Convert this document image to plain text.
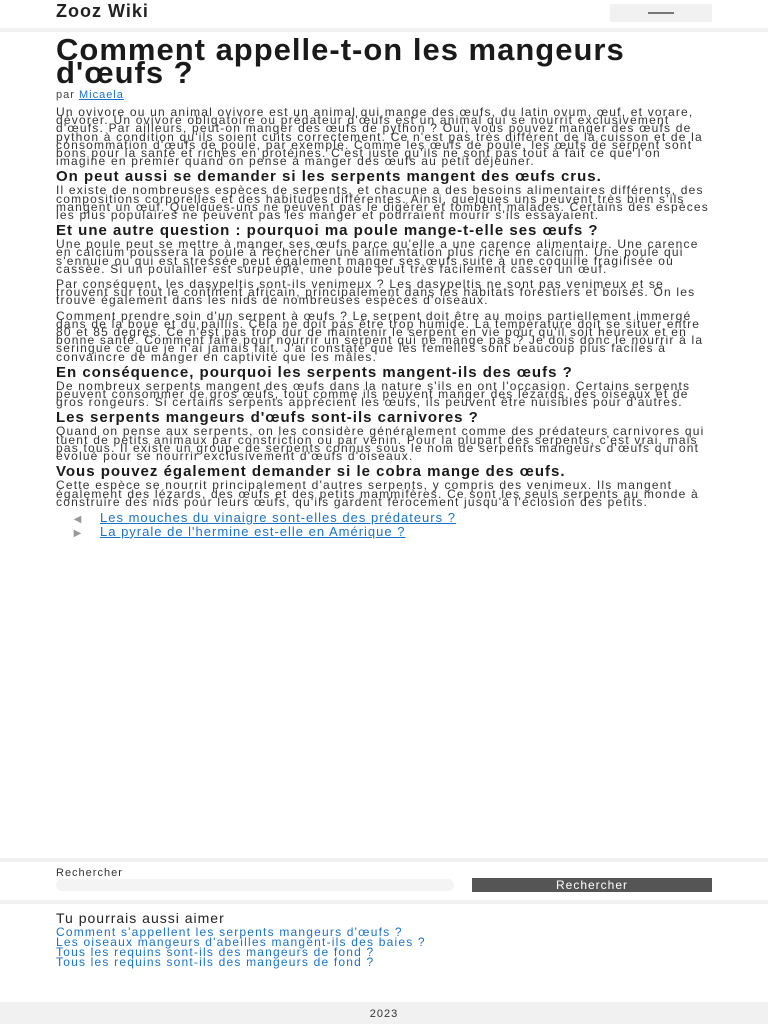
Zooz Wiki
Comment appelle-t-on les mangeurs d'œufs ?
par Micaela

Un ovivore ou un animal ovivore est un animal qui mange des œufs, du latin ovum, œuf, et vorare, dévorer. Un ovivore obligatoire ou prédateur d'œufs est un animal qui se nourrit exclusivement d'œufs. Par ailleurs, peut-on manger des œufs de python ? Oui, vous pouvez manger des œufs de python à condition qu'ils soient cuits correctement. Ce n'est pas très différent de la cuisson et de la consommation d'œufs de poule, par exemple. Comme les œufs de poule, les œufs de serpent sont bons pour la santé et riches en protéines. C'est juste qu'ils ne sont pas tout à fait ce que l'on imagine en premier quand on pense à manger des œufs au petit déjeuner.

On peut aussi se demander si les serpents mangent des œufs crus.

Il existe de nombreuses espèces de serpents, et chacune a des besoins alimentaires différents, des compositions corporelles et des habitudes différentes. Ainsi, quelques uns peuvent très bien s'ils mangent un œuf. Quelques-uns ne peuvent pas le digérer et tombent malades. Certains des espèces les plus populaires ne peuvent pas les manger et pourraient mourir s'ils essayaient.

Et une autre question : pourquoi ma poule mange-t-elle ses œufs ?

Une poule peut se mettre à manger ses œufs parce qu'elle a une carence alimentaire. Une carence en calcium poussera la poule à rechercher une alimentation plus riche en calcium. Une poule qui s'ennuie ou qui est stressée peut également manger ses œufs suite à une coquille fragilisée ou cassée. Si un poulailler est surpeuplé, une poule peut très facilement casser un œuf.

Par conséquent, les dasypeltis sont-ils venimeux ? Les dasypeltis ne sont pas venimeux et se trouvent sur tout le continent africain, principalement dans les habitats forestiers et boisés. On les trouve également dans les nids de nombreuses espèces d'oiseaux.

Comment prendre soin d'un serpent à œufs ? Le serpent doit être au moins partiellement immergé dans de la boue et du paillis. Cela ne doit pas être trop humide. La température doit se situer entre 80 et 85 degrés. Ce n'est pas trop dur de maintenir le serpent en vie pour qu'il soit heureux et en bonne santé. Comment faire pour nourrir un serpent qui ne mange pas ? Je dois donc le nourrir à la seringue ce que je n'ai jamais fait. J'ai constaté que les femelles sont beaucoup plus faciles à convaincre de manger en captivité que les mâles.

En conséquence, pourquoi les serpents mangent-ils des œufs ?

De nombreux serpents mangent des œufs dans la nature s'ils en ont l'occasion. Certains serpents peuvent consommer de gros œufs, tout comme ils peuvent manger des lézards, des oiseaux et de gros rongeurs. Si certains serpents apprécient les œufs, ils peuvent être nuisibles pour d'autres.

Les serpents mangeurs d'œufs sont-ils carnivores ?

Quand on pense aux serpents, on les considère généralement comme des prédateurs carnivores qui tuent de petits animaux par constriction ou par venin. Pour la plupart des serpents, c'est vrai, mais pas tous. Il existe un groupe de serpents connus sous le nom de serpents mangeurs d'œufs qui ont évolué pour se nourrir exclusivement d'œufs d'oiseaux.

Vous pouvez également demander si le cobra mange des œufs.

Cette espèce se nourrit principalement d'autres serpents, y compris des venimeux. Ils mangent également des lézards, des œufs et des petits mammifères. Ce sont les seuls serpents au monde à construire des nids pour leurs œufs, qu'ils gardent férocement jusqu'à l'éclosion des petits.

◀ Les mouches du vinaigre sont-elles des prédateurs ?
▶ La pyrale de l'hermine est-elle en Amérique ?
Rechercher
Rechercher
Tu pourrais aussi aimer
Comment s'appellent les serpents mangeurs d'œufs ?
Les oiseaux mangeurs d'abeilles mangent-ils des baies ?
Tous les requins sont-ils des mangeurs de fond ?
Tous les requins sont-ils des mangeurs de fond ?
2023
